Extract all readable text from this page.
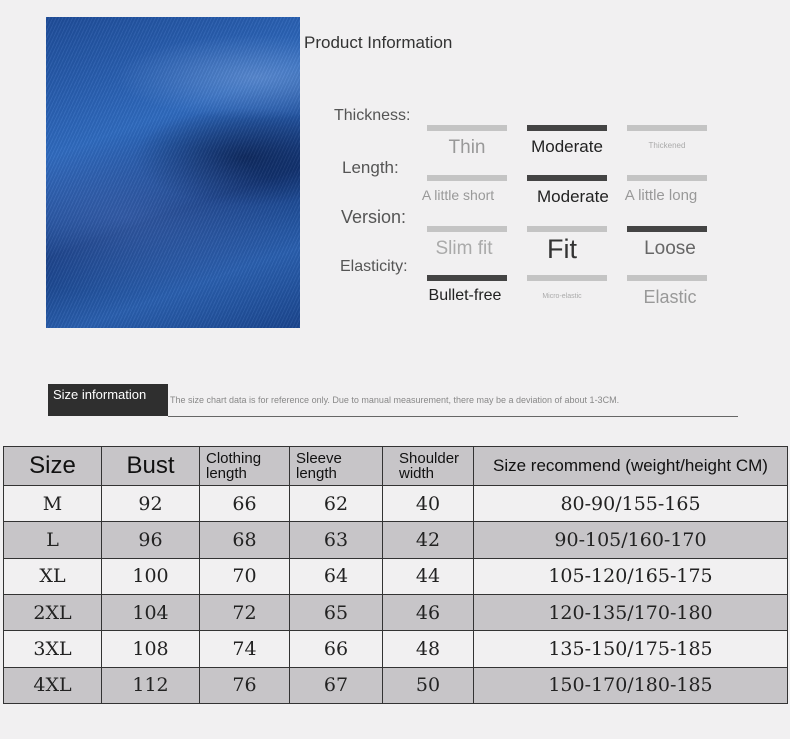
Product Information
Thickness:
Thin	Moderate	Thickened
Length:
A little short	Moderate	A little long
Version:
Slim fit	Fit	Loose
Elasticity:
Bullet-free	Micro-elastic	Elastic
Size information	The size chart data is for reference only. Due to manual measurement, there may be a deviation of about 1-3CM.
Size	Bust	Clothing length	Sleeve length	Shoulder width	Size recommend (weight/height CM)
M	92	66	62	40	80-90/155-165
L	96	68	63	42	90-105/160-170
XL	100	70	64	44	105-120/165-175
2XL	104	72	65	46	120-135/170-180
3XL	108	74	66	48	135-150/175-185
4XL	112	76	67	50	150-170/180-185
